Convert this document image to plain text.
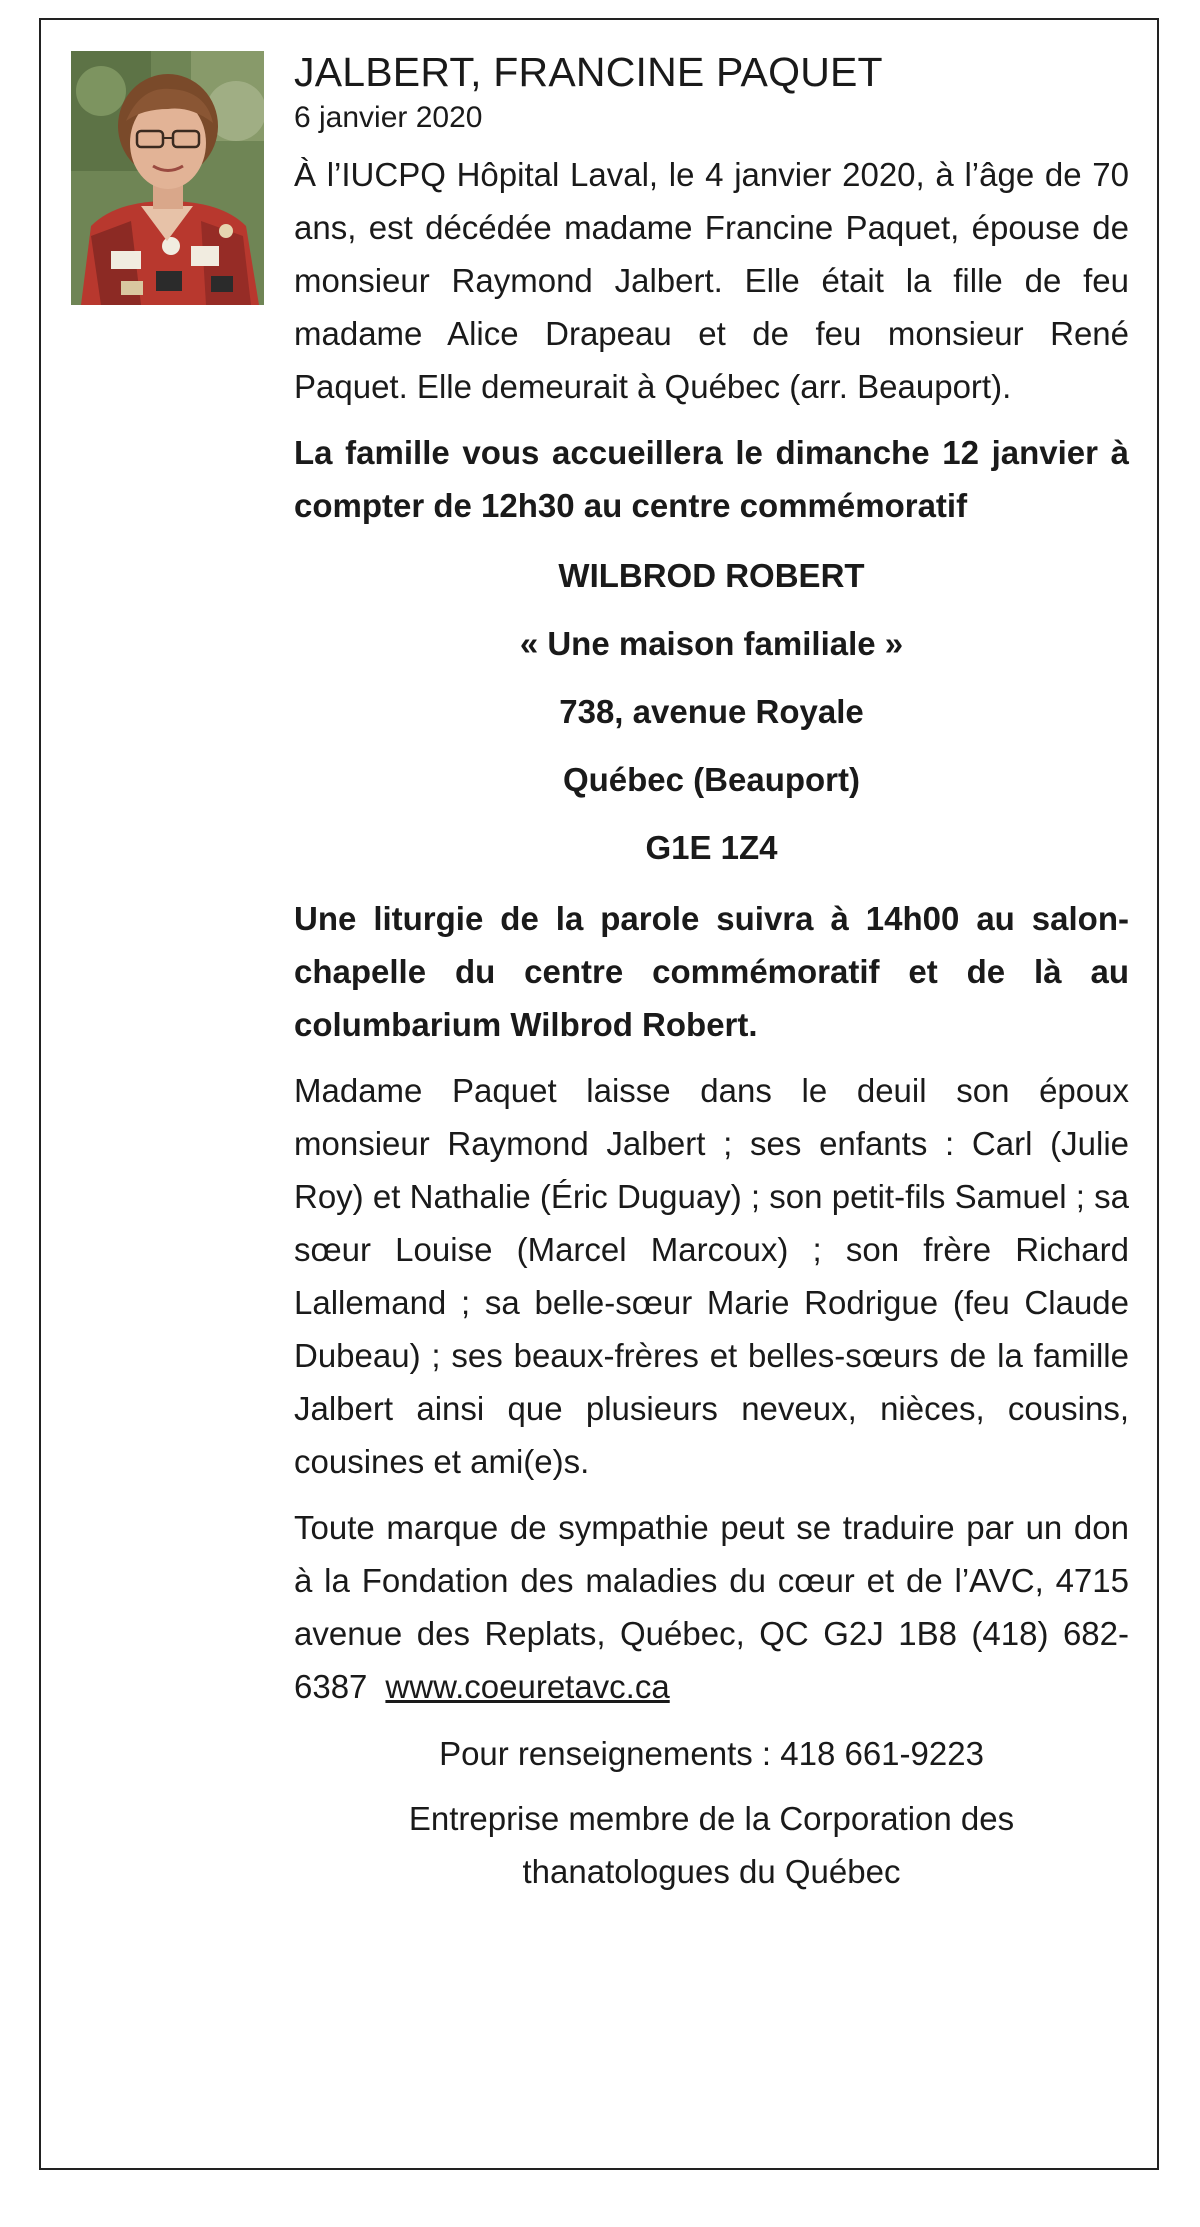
JALBERT, FRANCINE PAQUET

6 janvier 2020

À l’IUCPQ Hôpital Laval, le 4 janvier 2020, à l’âge de 70 ans, est décédée madame Francine Paquet, épouse de monsieur Raymond Jalbert. Elle était la fille de feu madame Alice Drapeau et de feu monsieur René Paquet. Elle demeurait à Québec (arr. Beauport).

La famille vous accueillera le dimanche 12 janvier à compter de 12h30 au centre commémoratif

WILBROD ROBERT

« Une maison familiale »

738, avenue Royale

Québec (Beauport)

G1E 1Z4

Une liturgie de la parole suivra à 14h00 au salon-chapelle du centre commémoratif et de là au columbarium Wilbrod Robert.

Madame Paquet laisse dans le deuil son époux monsieur Raymond Jalbert ; ses enfants : Carl (Julie Roy) et Nathalie (Éric Duguay) ; son petit-fils Samuel ; sa sœur Louise (Marcel Marcoux) ; son frère Richard Lallemand ; sa belle-sœur Marie Rodrigue (feu Claude Dubeau) ; ses beaux-frères et belles-sœurs de la famille Jalbert ainsi que plusieurs neveux, nièces, cousins, cousines et ami(e)s.

Toute marque de sympathie peut se traduire par un don à la Fondation des maladies du cœur et de l’AVC, 4715 avenue des Replats, Québec, QC G2J 1B8 (418) 682-6387 www.coeuretavc.ca

Pour renseignements : 418 661-9223

Entreprise membre de la Corporation des
thanatologues du Québec
